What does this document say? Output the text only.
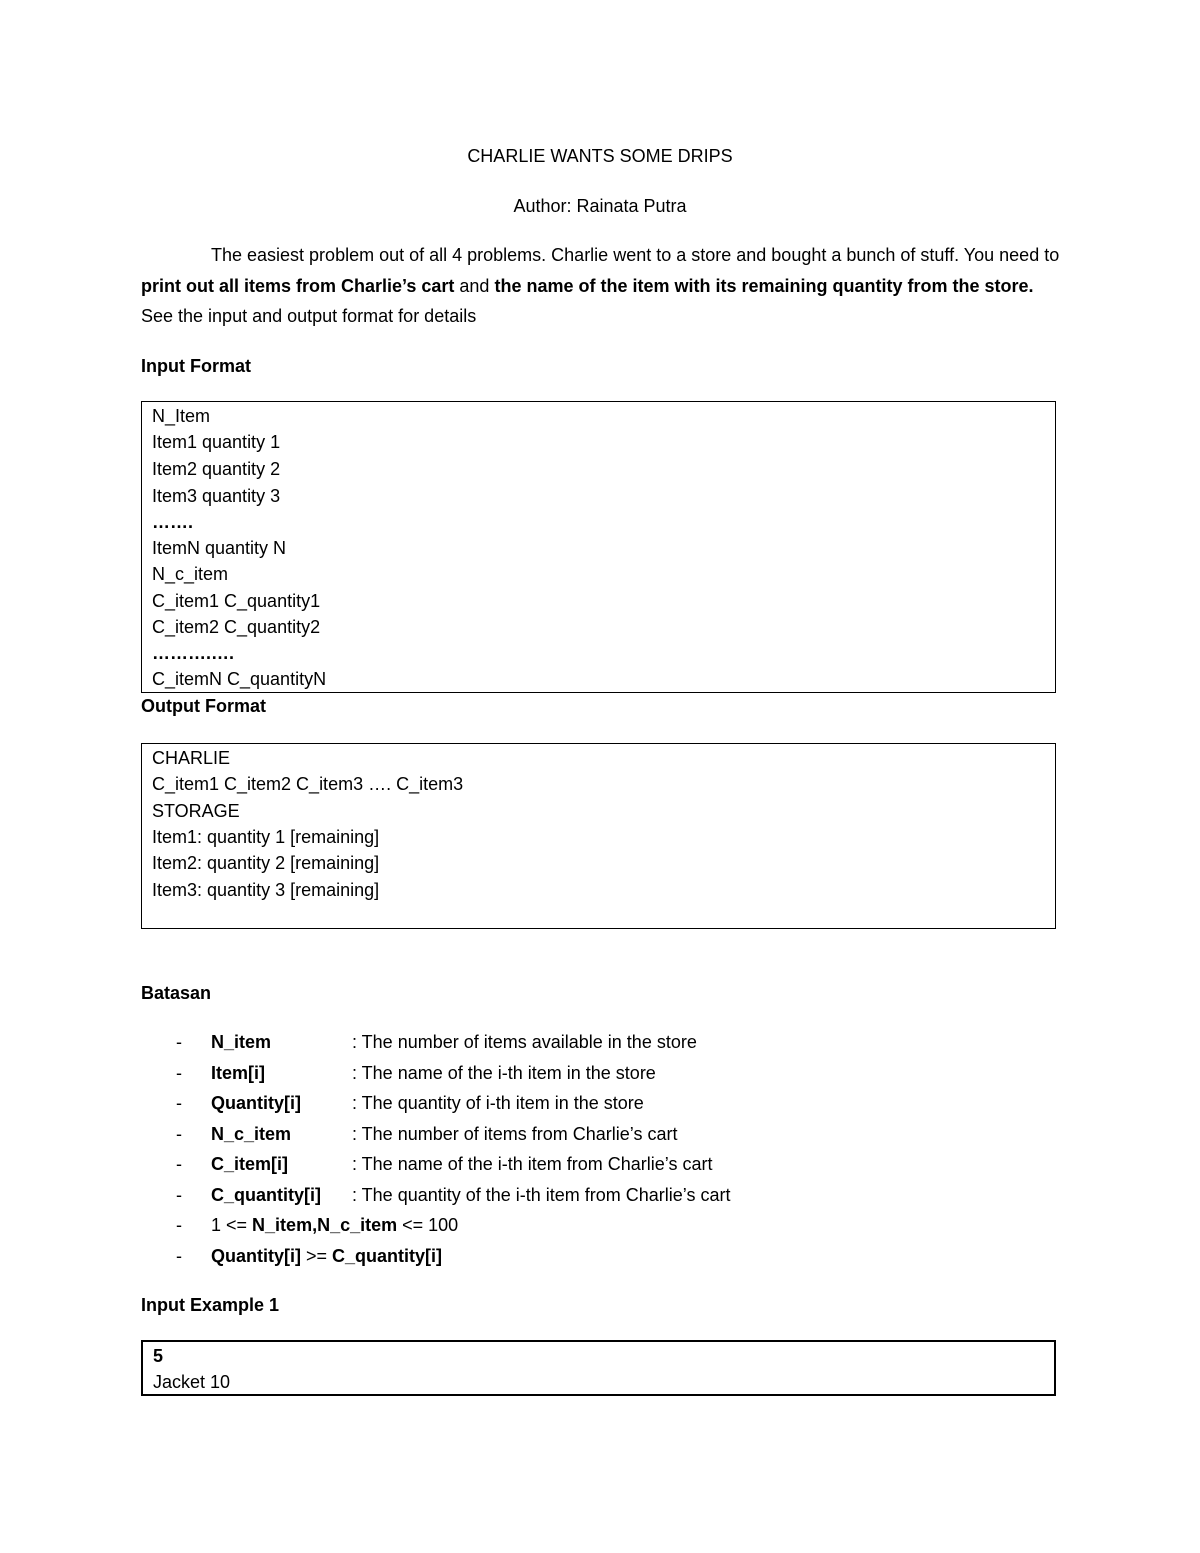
CHARLIE WANTS SOME DRIPS
Author: Rainata Putra
The easiest problem out of all 4 problems. Charlie went to a store and bought a bunch of stuff. You need to print out all items from Charlie’s cart and the name of the item with its remaining quantity from the store. See the input and output format for details
Input Format
N_Item
Item1 quantity 1
Item2 quantity 2
Item3 quantity 3
…….
ItemN quantity N
N_c_item
C_item1 C_quantity1
C_item2 C_quantity2
……….….
C_itemN C_quantityN
Output Format
CHARLIE
C_item1 C_item2 C_item3 …. C_item3
STORAGE
Item1: quantity 1 [remaining]
Item2: quantity 2 [remaining]
Item3: quantity 3 [remaining]
Batasan
- N_item	: The number of items available in the store
- Item[i]	: The name of the i-th item in the store
- Quantity[i]	: The quantity of i-th item in the store
- N_c_item	: The number of items from Charlie’s cart
- C_item[i]	: The name of the i-th item from Charlie’s cart
- C_quantity[i] : The quantity of the i-th item from Charlie’s cart
- 1 <= N_item,N_c_item <= 100
- Quantity[i] >= C_quantity[i]
Input Example 1
5
Jacket 10
